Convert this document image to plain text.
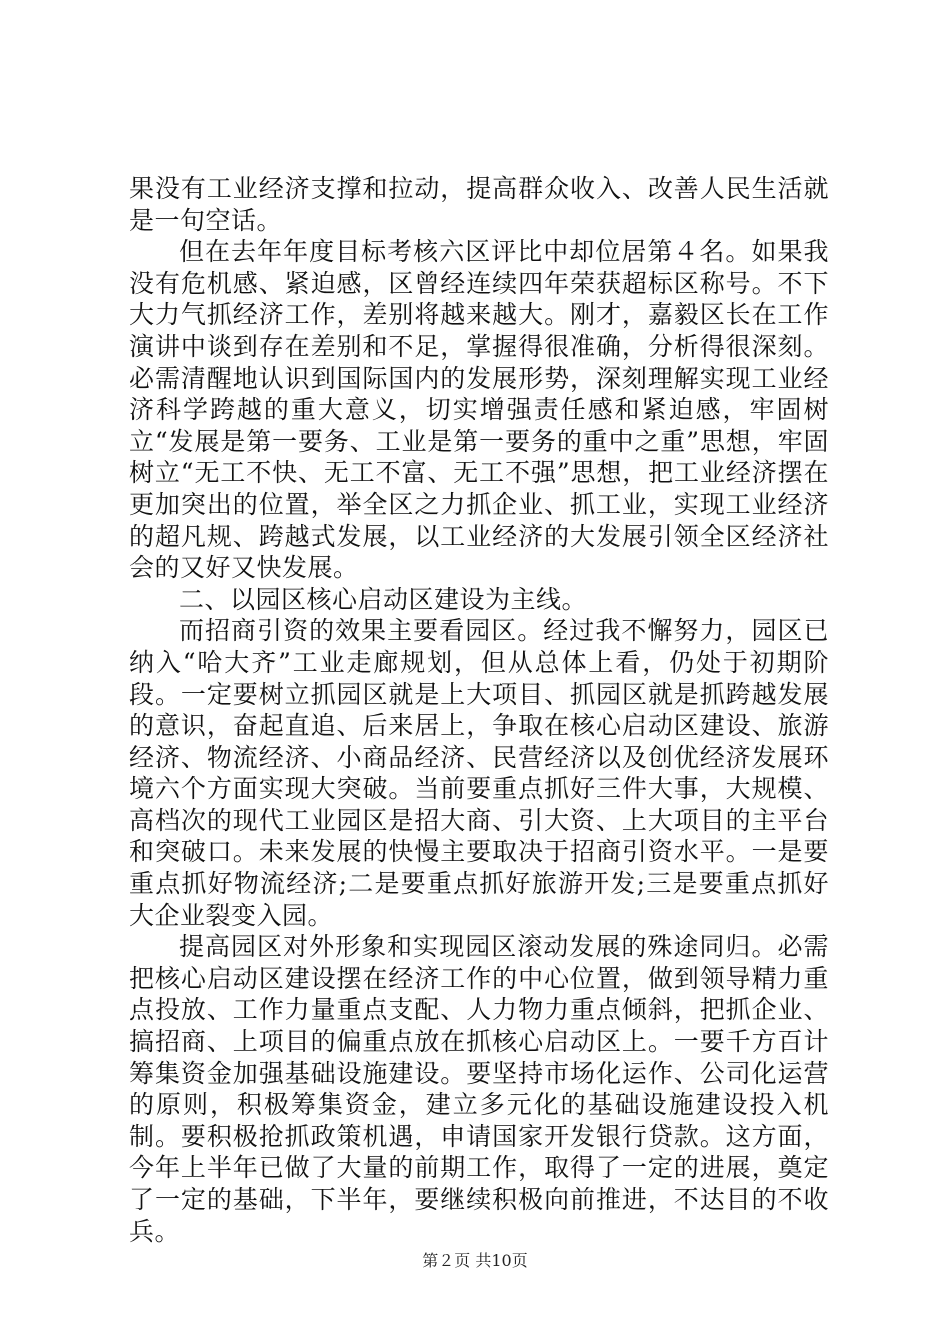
果没有工业经济支撑和拉动，提高群众收入、改善人民生活就是一句空话。

但在去年年度目标考核六区评比中却位居第４名。如果我没有危机感、紧迫感，区曾经连续四年荣获超标区称号。不下大力气抓经济工作，差别将越来越大。刚才，嘉毅区长在工作演讲中谈到存在差别和不足，掌握得很准确，分析得很深刻。必需清醒地认识到国际国内的发展形势，深刻理解实现工业经济科学跨越的重大意义，切实增强责任感和紧迫感，牢固树立“发展是第一要务、工业是第一要务的重中之重”思想，牢固树立“无工不快、无工不富、无工不强”思想，把工业经济摆在更加突出的位置，举全区之力抓企业、抓工业，实现工业经济的超凡规、跨越式发展，以工业经济的大发展引领全区经济社会的又好又快发展。

二、以园区核心启动区建设为主线。

而招商引资的效果主要看园区。经过我不懈努力，园区已纳入“哈大齐”工业走廊规划，但从总体上看，仍处于初期阶段。一定要树立抓园区就是上大项目、抓园区就是抓跨越发展的意识，奋起直追、后来居上，争取在核心启动区建设、旅游经济、物流经济、小商品经济、民营经济以及创优经济发展环境六个方面实现大突破。当前要重点抓好三件大事，大规模、高档次的现代工业园区是招大商、引大资、上大项目的主平台和突破口。未来发展的快慢主要取决于招商引资水平。一是要重点抓好物流经济;二是要重点抓好旅游开发;三是要重点抓好大企业裂变入园。

提高园区对外形象和实现园区滚动发展的殊途同归。必需把核心启动区建设摆在经济工作的中心位置，做到领导精力重点投放、工作力量重点支配、人力物力重点倾斜，把抓企业、搞招商、上项目的偏重点放在抓核心启动区上。一要千方百计筹集资金加强基础设施建设。要坚持市场化运作、公司化运营的原则，积极筹集资金，建立多元化的基础设施建设投入机制。要积极抢抓政策机遇，申请国家开发银行贷款。这方面，今年上半年已做了大量的前期工作，取得了一定的进展，奠定了一定的基础，下半年，要继续积极向前推进，不达目的不收兵。

第２页 共10页
